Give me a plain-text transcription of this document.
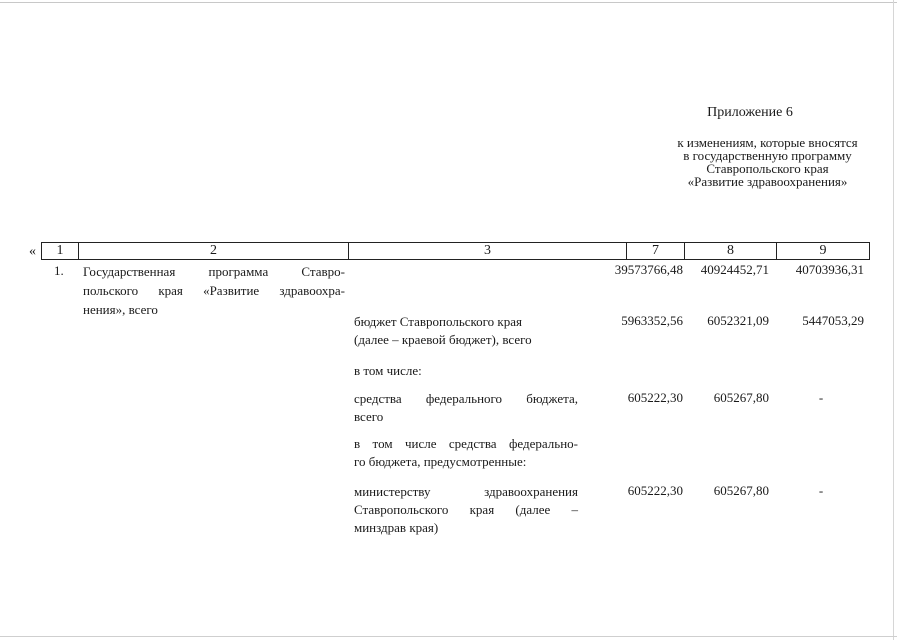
Приложение 6
к изменениям, которые вносятся
в государственную программу
Ставропольского края
«Развитие здравоохранения»
«	1	2	3	7	8	9
1. Государственная программа Ставро-
польского края «Развитие здравоохра-
нения», всего
39573766,48	40924452,71	40703936,31
бюджет Ставропольского края
(далее – краевой бюджет), всего
5963352,56	6052321,09	5447053,29
в том числе:
средства федерального бюджета,
всего
605222,30	605267,80	-
в том числе средства федерально-
го бюджета, предусмотренные:
министерству здравоохранения
Ставропольского края (далее –
минздрав края)
605222,30	605267,80	-
